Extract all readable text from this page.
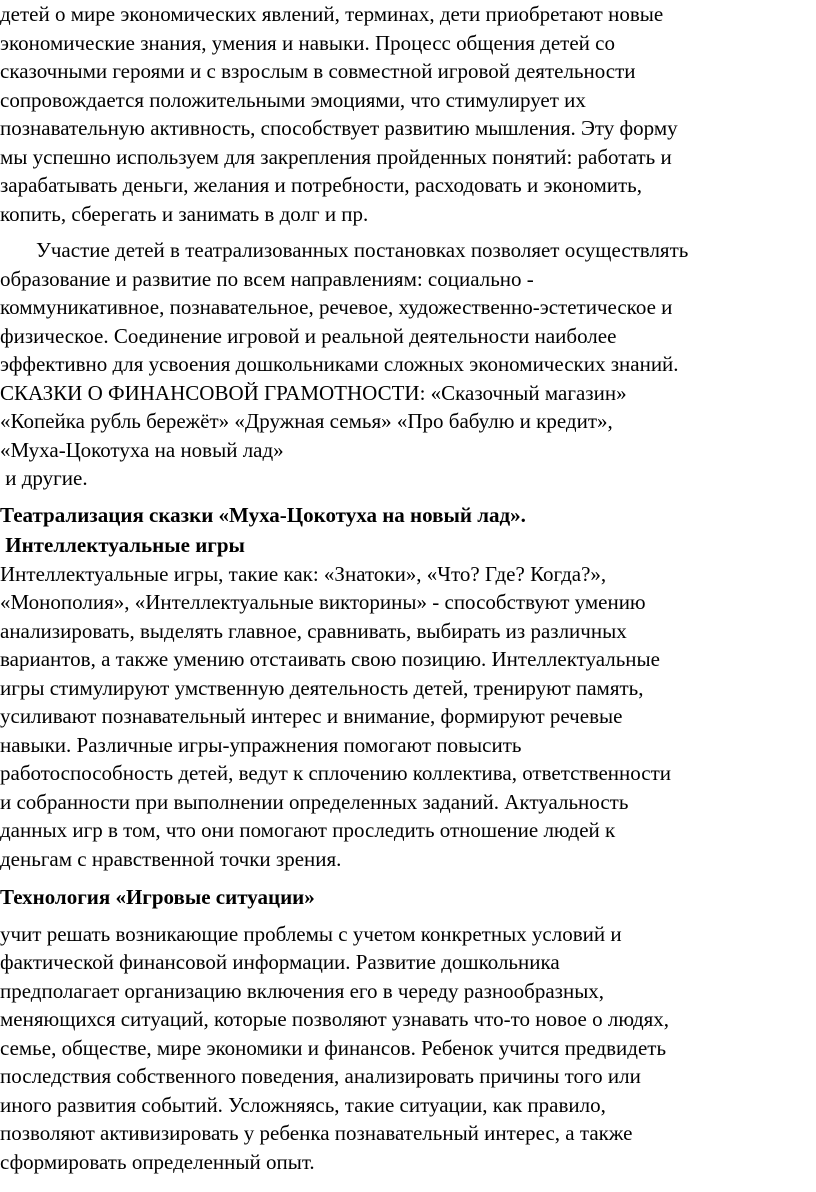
детей о мире экономических явлений, терминах, дети приобретают новые
экономические знания, умения и навыки. Процесс общения детей со
сказочными героями и с взрослым в совместной игровой деятельности
сопровождается положительными эмоциями, что стимулирует их
познавательную активность, способствует развитию мышления. Эту форму
мы успешно используем для закрепления пройденных понятий: работать и
зарабатывать деньги, желания и потребности, расходовать и экономить,
копить, сберегать и занимать в долг и пр.

Участие детей в театрализованных постановках позволяет осуществлять
образование и развитие по всем направлениям: социально -
коммуникативное, познавательное, речевое, художественно-эстетическое и
физическое. Соединение игровой и реальной деятельности наиболее
эффективно для усвоения дошкольниками сложных экономических знаний.
СКАЗКИ О ФИНАНСОВОЙ ГРАМОТНОСТИ: «Сказочный магазин»
«Копейка рубль бережёт» «Дружная семья» «Про бабулю и кредит»,
«Муха-Цокотуха на новый лад»
и другие.

Театрализация сказки «Муха-Цокотуха на новый лад».

Интеллектуальные игры

Интеллектуальные игры, такие как: «Знатоки», «Что? Где? Когда?»,
«Монополия», «Интеллектуальные викторины» - способствуют умению
анализировать, выделять главное, сравнивать, выбирать из различных
вариантов, а также умению отстаивать свою позицию. Интеллектуальные
игры стимулируют умственную деятельность детей, тренируют память,
усиливают познавательный интерес и внимание, формируют речевые
навыки. Различные игры-упражнения помогают повысить
работоспособность детей, ведут к сплочению коллектива, ответственности
и собранности при выполнении определенных заданий. Актуальность
данных игр в том, что они помогают проследить отношение людей к
деньгам с нравственной точки зрения.

Технология «Игровые ситуации»

учит решать возникающие проблемы с учетом конкретных условий и
фактической финансовой информации. Развитие дошкольника
предполагает организацию включения его в череду разнообразных,
меняющихся ситуаций, которые позволяют узнавать что-то новое о людях,
семье, обществе, мире экономики и финансов. Ребенок учится предвидеть
последствия собственного поведения, анализировать причины того или
иного развития событий. Усложняясь, такие ситуации, как правило,
позволяют активизировать у ребенка познавательный интерес, а также
сформировать определенный опыт.
